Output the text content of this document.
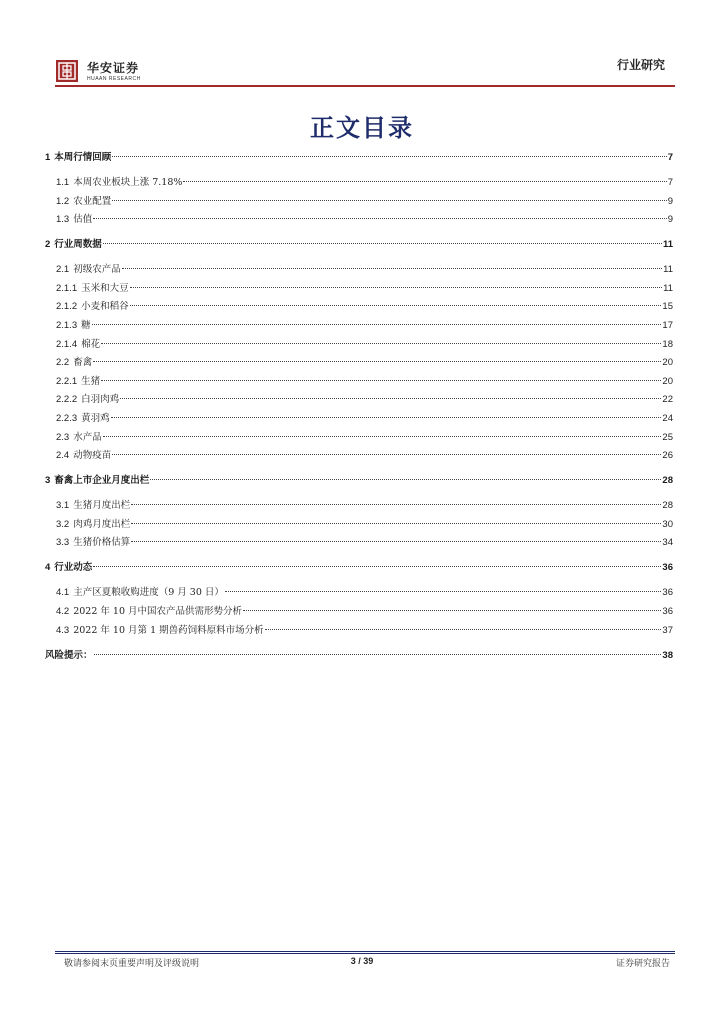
华安证券
HUAAN RESEARCH
行业研究
正文目录
1 本周行情回顾	7
1.1 本周农业板块上涨 7.18%	7
1.2 农业配置	9
1.3 估值	9
2 行业周数据	11
2.1 初级农产品	11
2.1.1 玉米和大豆	11
2.1.2 小麦和稻谷	15
2.1.3 糖	17
2.1.4 棉花	18
2.2 畜禽	20
2.2.1 生猪	20
2.2.2 白羽肉鸡	22
2.2.3 黄羽鸡	24
2.3 水产品	25
2.4 动物疫苗	26
3 畜禽上市企业月度出栏	28
3.1 生猪月度出栏	28
3.2 肉鸡月度出栏	30
3.3 生猪价格估算	34
4 行业动态	36
4.1 主产区夏粮收购进度（9 月 30 日）	36
4.2 2022 年 10 月中国农产品供需形势分析	36
4.3 2022 年 10 月第 1 期兽药饲料原料市场分析	37
风险提示：	38
敬请参阅末页重要声明及评级说明	3 / 39	证券研究报告
